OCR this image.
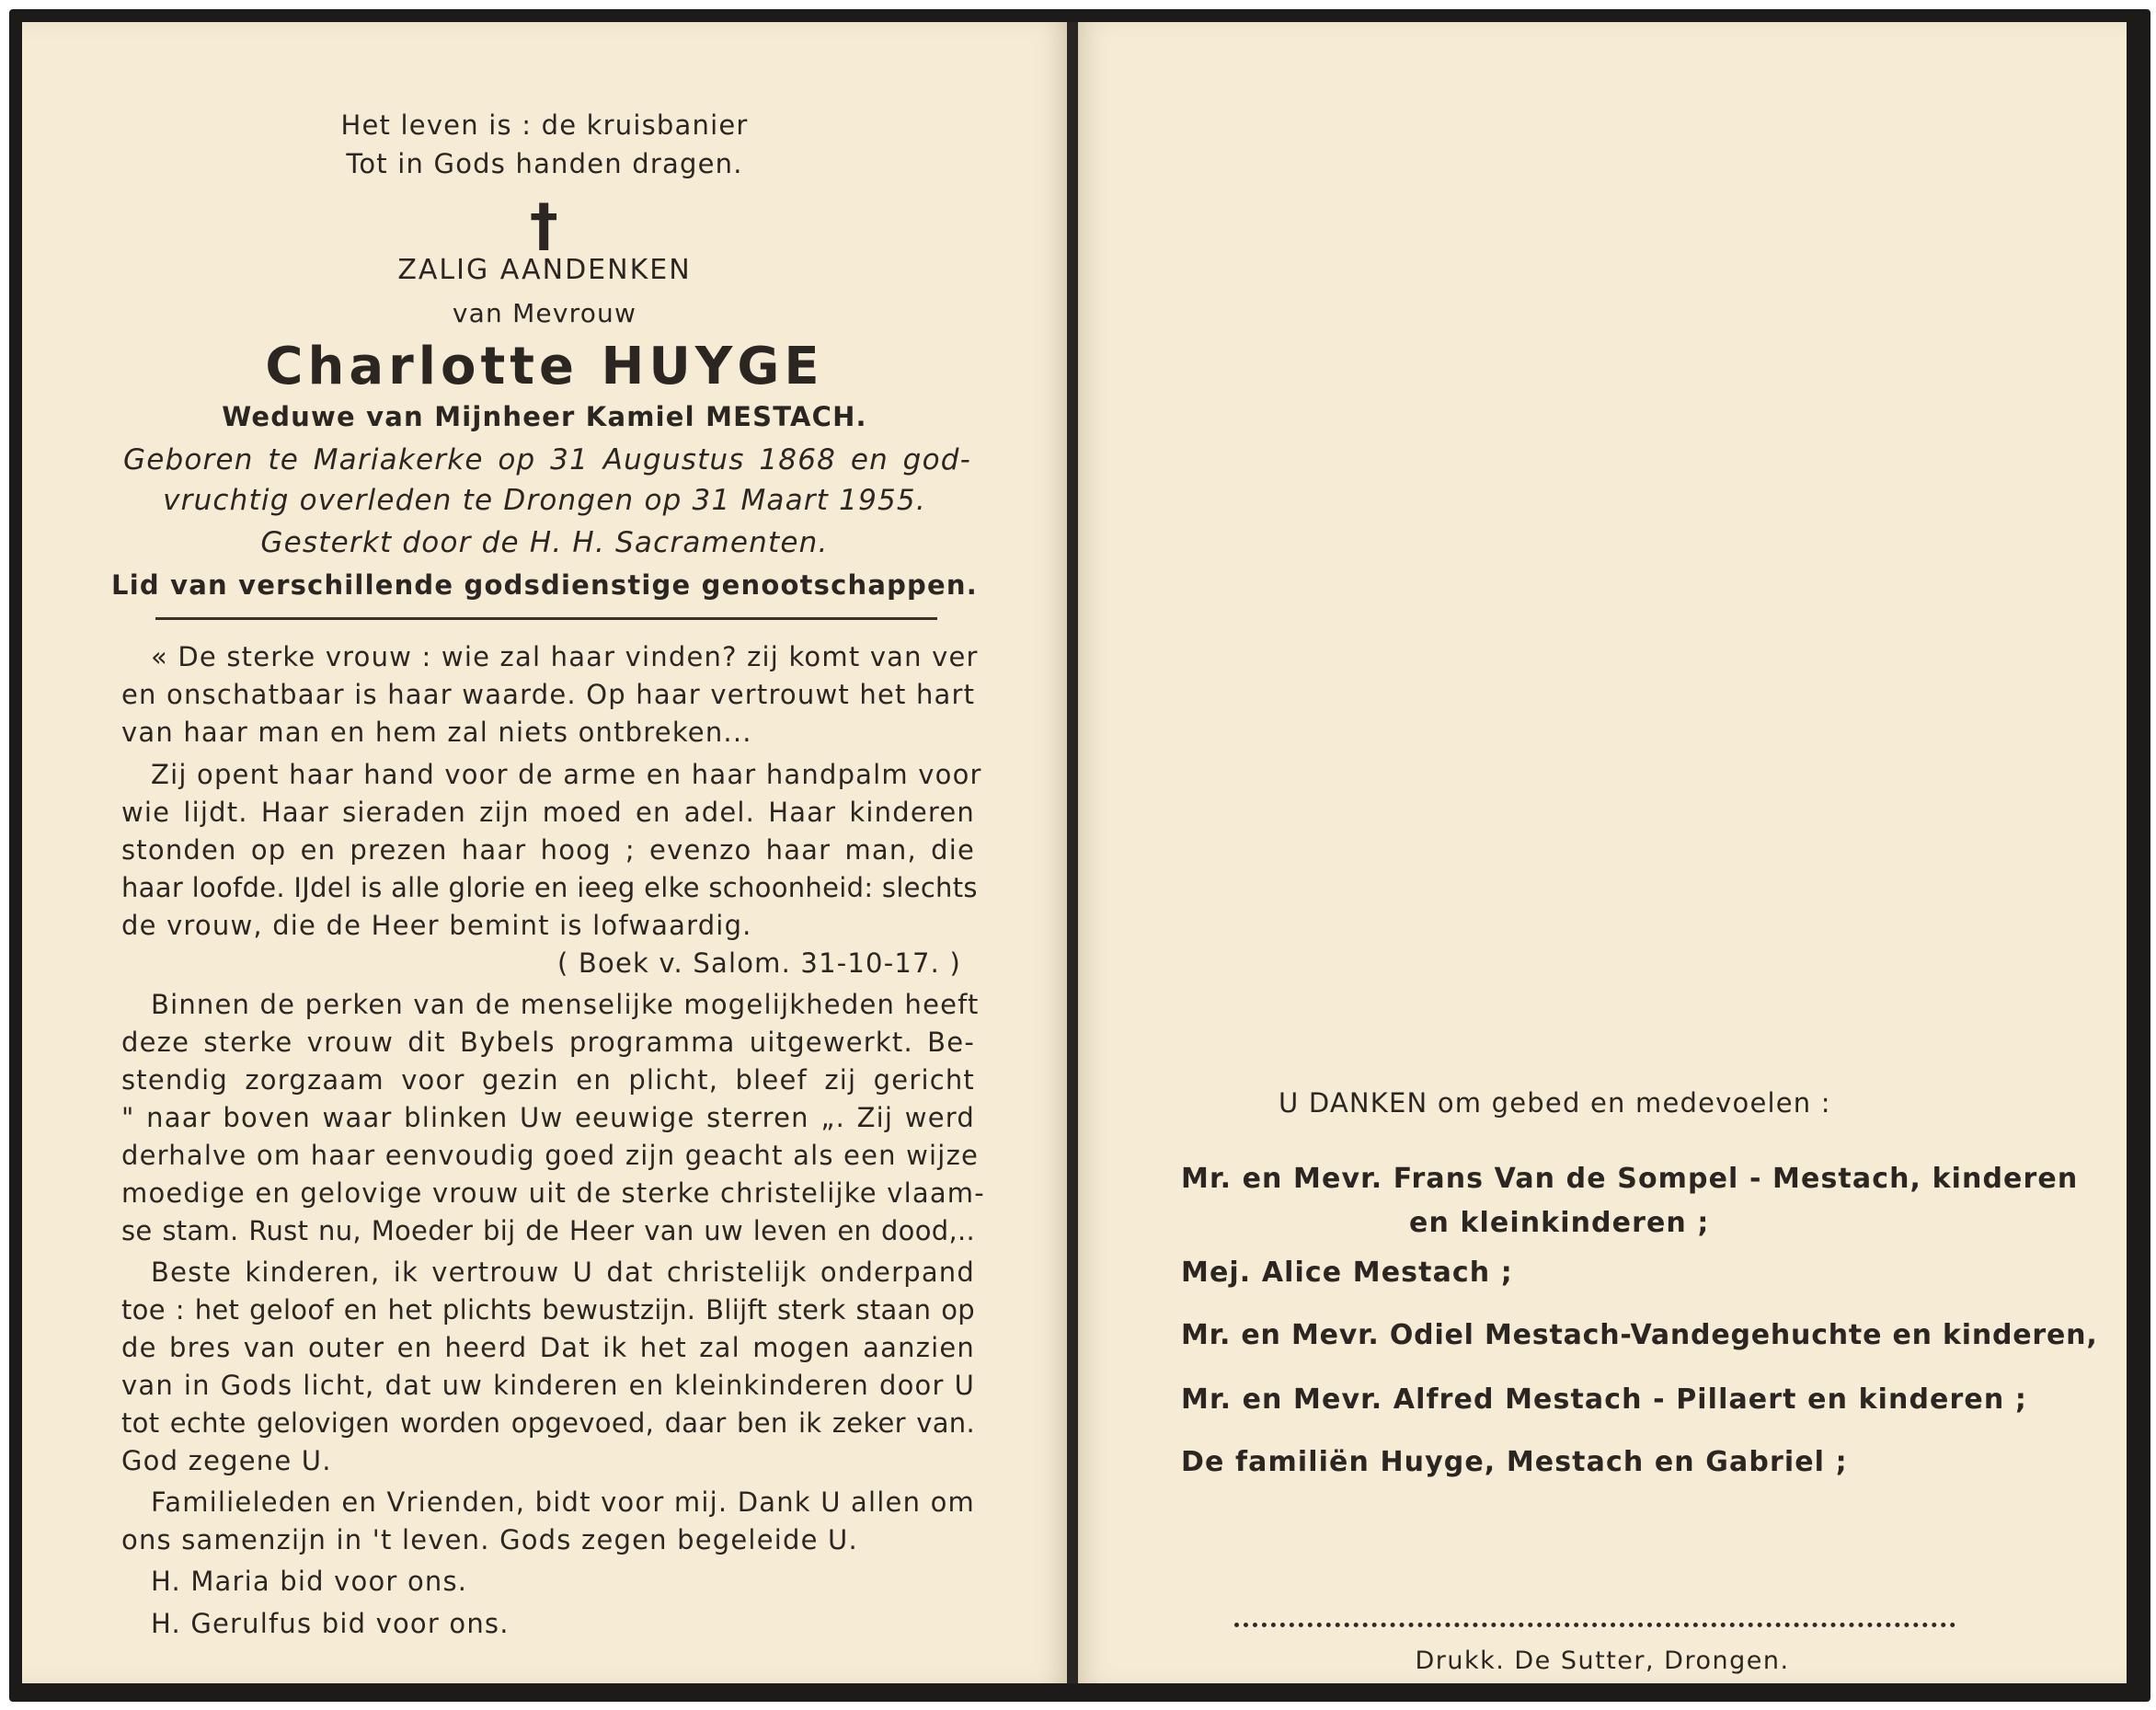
Het leven is : de kruisbanier
Tot in Gods handen dragen.
†
ZALIG AANDENKEN
van Mevrouw
Charlotte HUYGE
Weduwe van Mijnheer Kamiel MESTACH.
Geboren te Mariakerke op 31 Augustus 1868 en god-
vruchtig overleden te Drongen op 31 Maart 1955.
Gesterkt door de H. H. Sacramenten.
Lid van verschillende godsdienstige genootschappen.
« De sterke vrouw : wie zal haar vinden? zij komt van ver
en onschatbaar is haar waarde. Op haar vertrouwt het hart
van haar man en hem zal niets ontbreken...
Zij opent haar hand voor de arme en haar handpalm voor
wie lijdt. Haar sieraden zijn moed en adel. Haar kinderen
stonden op en prezen haar hoog ; evenzo haar man, die
haar loofde. IJdel is alle glorie en ieeg elke schoonheid: slechts
de vrouw, die de Heer bemint is lofwaardig.
( Boek v. Salom. 31-10-17. )
Binnen de perken van de menselijke mogelijkheden heeft
deze sterke vrouw dit Bybels programma uitgewerkt. Be-
stendig zorgzaam voor gezin en plicht, bleef zij gericht
" naar boven waar blinken Uw eeuwige sterren „. Zij werd
derhalve om haar eenvoudig goed zijn geacht als een wijze
moedige en gelovige vrouw uit de sterke christelijke vlaam-
se stam. Rust nu, Moeder bij de Heer van uw leven en dood,..
Beste kinderen, ik vertrouw U dat christelijk onderpand
toe : het geloof en het plichts bewustzijn. Blijft sterk staan op
de bres van outer en heerd Dat ik het zal mogen aanzien
van in Gods licht, dat uw kinderen en kleinkinderen door U
tot echte gelovigen worden opgevoed, daar ben ik zeker van.
God zegene U.
Familieleden en Vrienden, bidt voor mij. Dank U allen om
ons samenzijn in 't leven. Gods zegen begeleide U.
H. Maria bid voor ons.
H. Gerulfus bid voor ons.
U DANKEN om gebed en medevoelen :
Mr. en Mevr. Frans Van de Sompel - Mestach, kinderen
en kleinkinderen ;
Mej. Alice Mestach ;
Mr. en Mevr. Odiel Mestach-Vandegehuchte en kinderen,
Mr. en Mevr. Alfred Mestach - Pillaert en kinderen ;
De familiën Huyge, Mestach en Gabriel ;
Drukk. De Sutter, Drongen.
